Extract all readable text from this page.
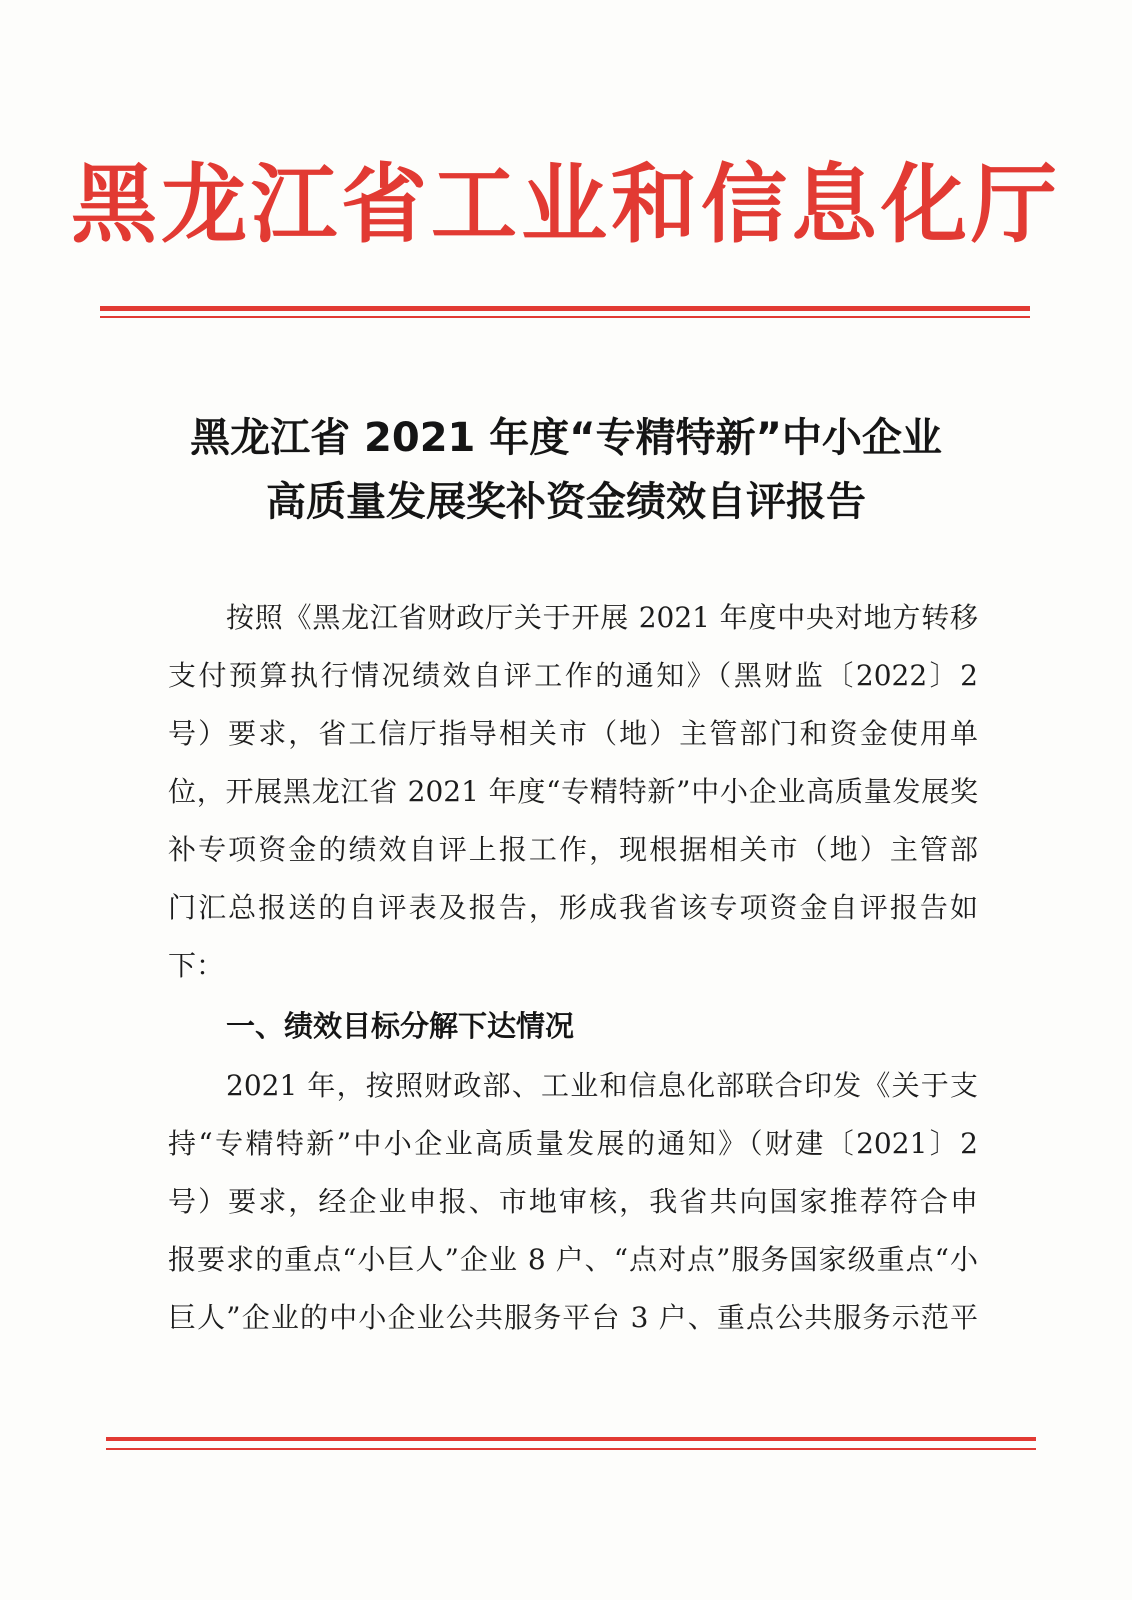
黑龙江省工业和信息化厅
黑龙江省 2021 年度“专精特新”中小企业
高质量发展奖补资金绩效自评报告
按照《黑龙江省财政厅关于开展 2021 年度中央对地方转移
支付预算执行情况绩效自评工作的通知》（黑财监〔2022〕2
号）要求，省工信厅指导相关市（地）主管部门和资金使用单
位，开展黑龙江省 2021 年度“专精特新”中小企业高质量发展奖
补专项资金的绩效自评上报工作，现根据相关市（地）主管部
门汇总报送的自评表及报告，形成我省该专项资金自评报告如
下：
一、绩效目标分解下达情况
2021 年，按照财政部、工业和信息化部联合印发《关于支
持“专精特新”中小企业高质量发展的通知》（财建〔2021〕2
号）要求，经企业申报、市地审核，我省共向国家推荐符合申
报要求的重点“小巨人”企业 8 户、“点对点”服务国家级重点“小
巨人”企业的中小企业公共服务平台 3 户、重点公共服务示范平
